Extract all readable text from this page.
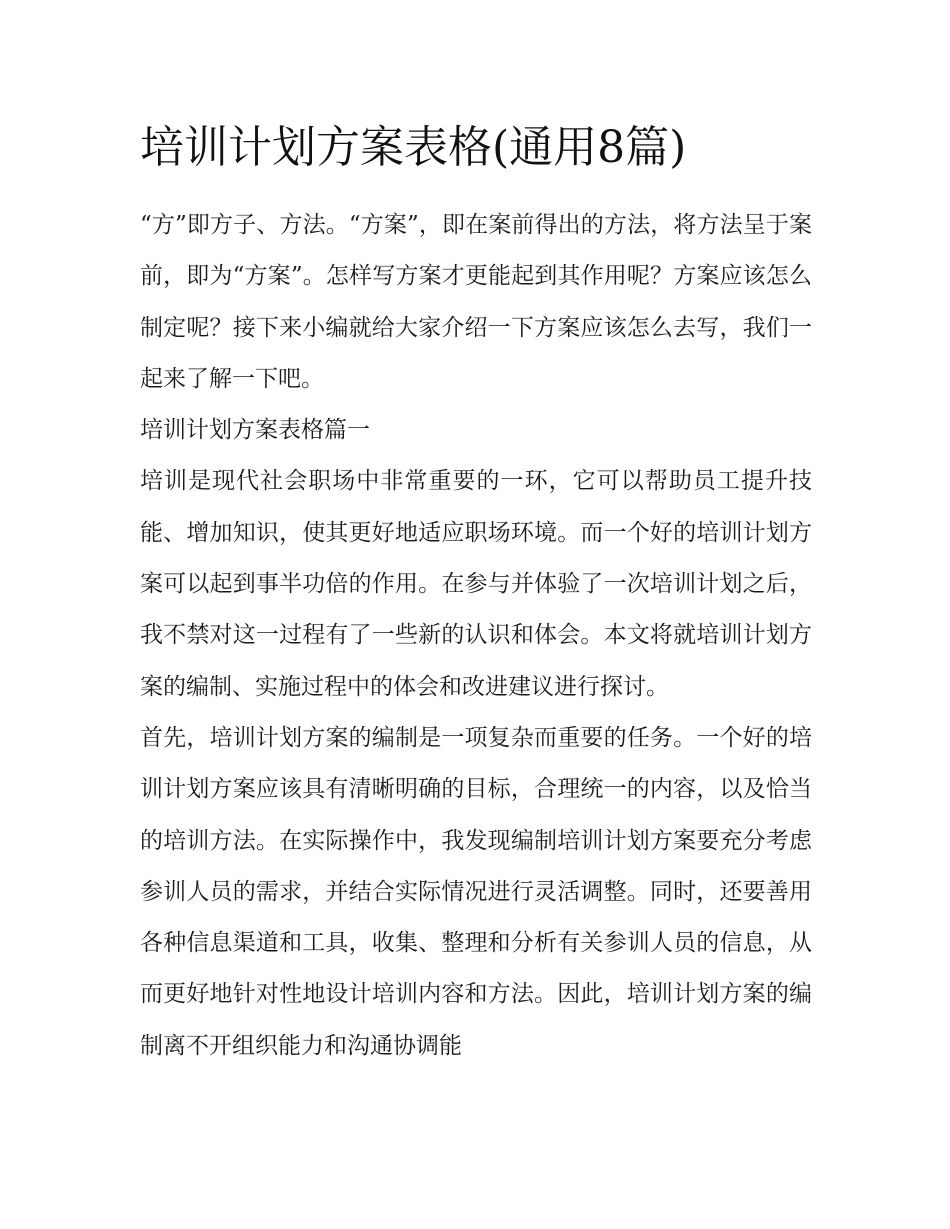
培训计划方案表格(通用8篇)

“方”即方子、方法。“方案”，即在案前得出的方法，将方法呈于案前，即为“方案”。怎样写方案才更能起到其作用呢？方案应该怎么制定呢？接下来小编就给大家介绍一下方案应该怎么去写，我们一起来了解一下吧。

培训计划方案表格篇一

培训是现代社会职场中非常重要的一环，它可以帮助员工提升技能、增加知识，使其更好地适应职场环境。而一个好的培训计划方案可以起到事半功倍的作用。在参与并体验了一次培训计划之后，我不禁对这一过程有了一些新的认识和体会。本文将就培训计划方案的编制、实施过程中的体会和改进建议进行探讨。

首先，培训计划方案的编制是一项复杂而重要的任务。一个好的培训计划方案应该具有清晰明确的目标，合理统一的内容，以及恰当的培训方法。在实际操作中，我发现编制培训计划方案要充分考虑参训人员的需求，并结合实际情况进行灵活调整。同时，还要善用各种信息渠道和工具，收集、整理和分析有关参训人员的信息，从而更好地针对性地设计培训内容和方法。因此，培训计划方案的编制离不开组织能力和沟通协调能
